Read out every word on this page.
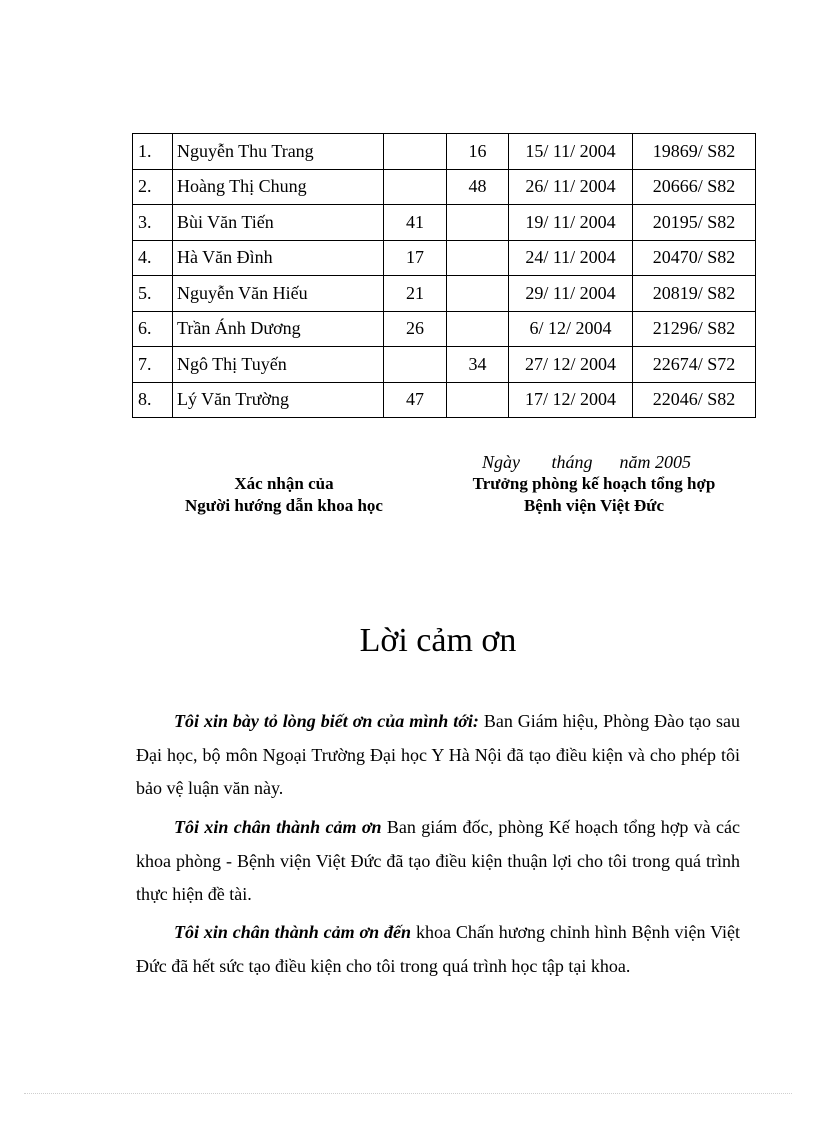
1.	Nguyễn Thu Trang		16	15/ 11/ 2004	19869/ S82
2.	Hoàng Thị Chung		48	26/ 11/ 2004	20666/ S82
3.	Bùi Văn Tiến	41		19/ 11/ 2004	20195/ S82
4.	Hà Văn Đình	17		24/ 11/ 2004	20470/ S82
5.	Nguyễn Văn Hiếu	21		29/ 11/ 2004	20819/ S82
6.	Trần Ánh Dương	26		6/ 12/ 2004	21296/ S82
7.	Ngô Thị Tuyến		34	27/ 12/ 2004	22674/ S72
8.	Lý Văn Trường	47		17/ 12/ 2004	22046/ S82
Ngày       tháng      năm 2005
Xác nhận của
Người hướng dẫn khoa học
Trưởng phòng kế hoạch tổng hợp
Bệnh viện Việt Đức
Lời cảm ơn

Tôi xin bày tỏ lòng biết ơn của mình tới: Ban Giám hiệu, Phòng Đào tạo sau Đại học, bộ môn Ngoại Trường Đại học Y Hà Nội đã tạo điều kiện và cho phép tôi bảo vệ luận văn này.

Tôi xin chân thành cảm ơn Ban giám đốc, phòng Kế hoạch tổng hợp và các khoa phòng - Bệnh viện Việt Đức đã tạo điều kiện thuận lợi cho tôi trong quá trình thực hiện đề tài.

Tôi xin chân thành cảm ơn đến khoa Chấn hương chỉnh hình Bệnh viện Việt Đức đã hết sức tạo điều kiện cho tôi trong quá trình học tập tại khoa.
